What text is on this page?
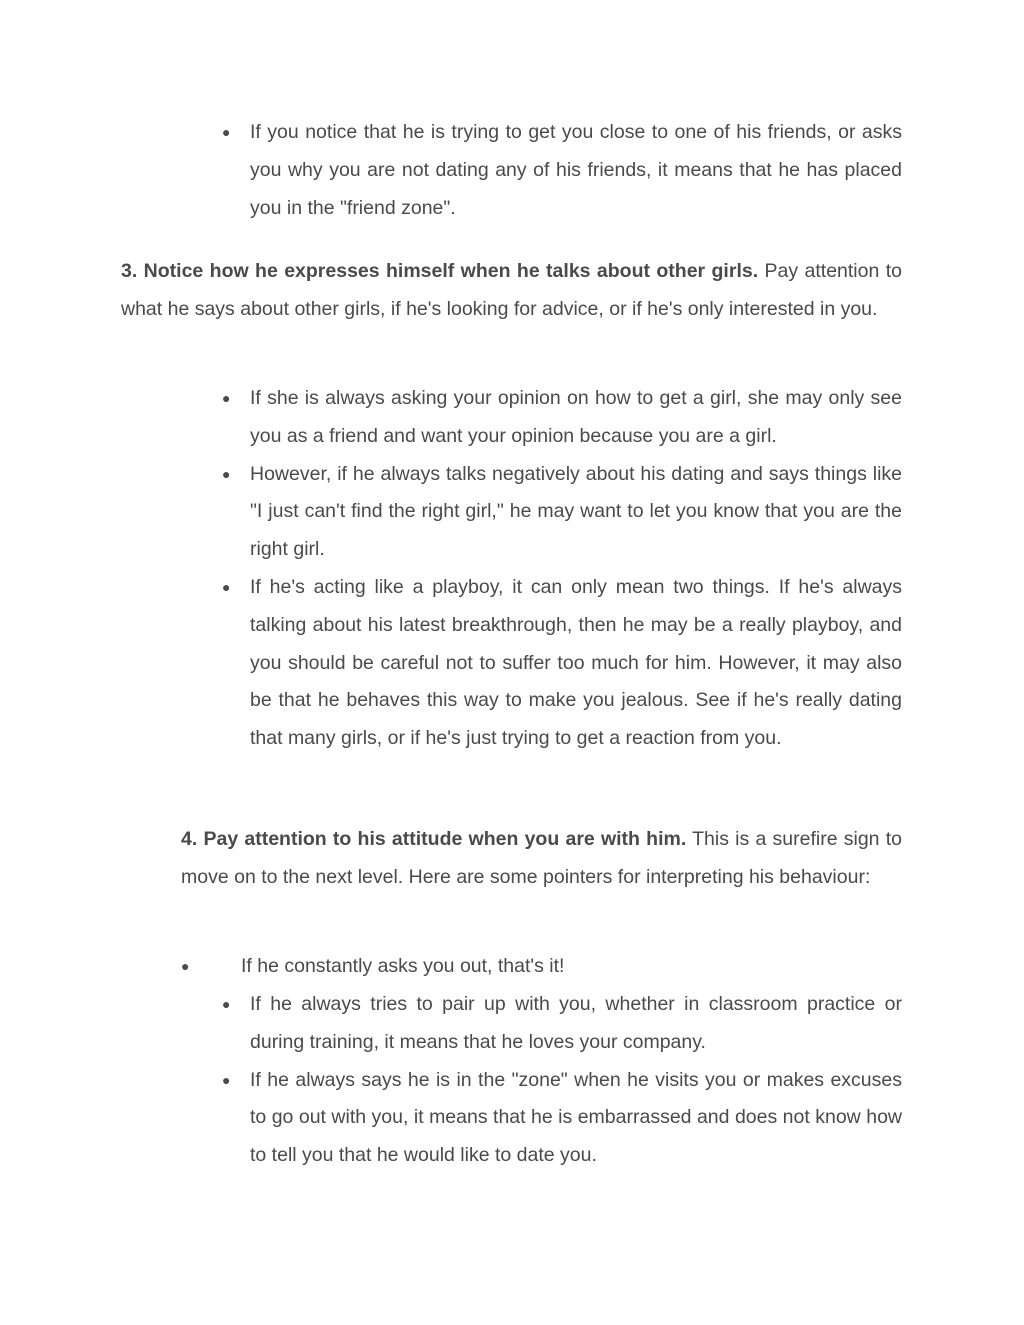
● If you notice that he is trying to get you close to one of his friends, or asks you why you are not dating any of his friends, it means that he has placed you in the "friend zone".

3. Notice how he expresses himself when he talks about other girls. Pay attention to what he says about other girls, if he's looking for advice, or if he's only interested in you.

● If she is always asking your opinion on how to get a girl, she may only see you as a friend and want your opinion because you are a girl.
● However, if he always talks negatively about his dating and says things like "I just can't find the right girl," he may want to let you know that you are the right girl.
● If he's acting like a playboy, it can only mean two things. If he's always talking about his latest breakthrough, then he may be a really playboy, and you should be careful not to suffer too much for him. However, it may also be that he behaves this way to make you jealous. See if he's really dating that many girls, or if he's just trying to get a reaction from you.

4. Pay attention to his attitude when you are with him. This is a surefire sign to move on to the next level. Here are some pointers for interpreting his behaviour:

●	If he constantly asks you out, that's it!
● If he always tries to pair up with you, whether in classroom practice or during training, it means that he loves your company.
● If he always says he is in the "zone" when he visits you or makes excuses to go out with you, it means that he is embarrassed and does not know how to tell you that he would like to date you.
